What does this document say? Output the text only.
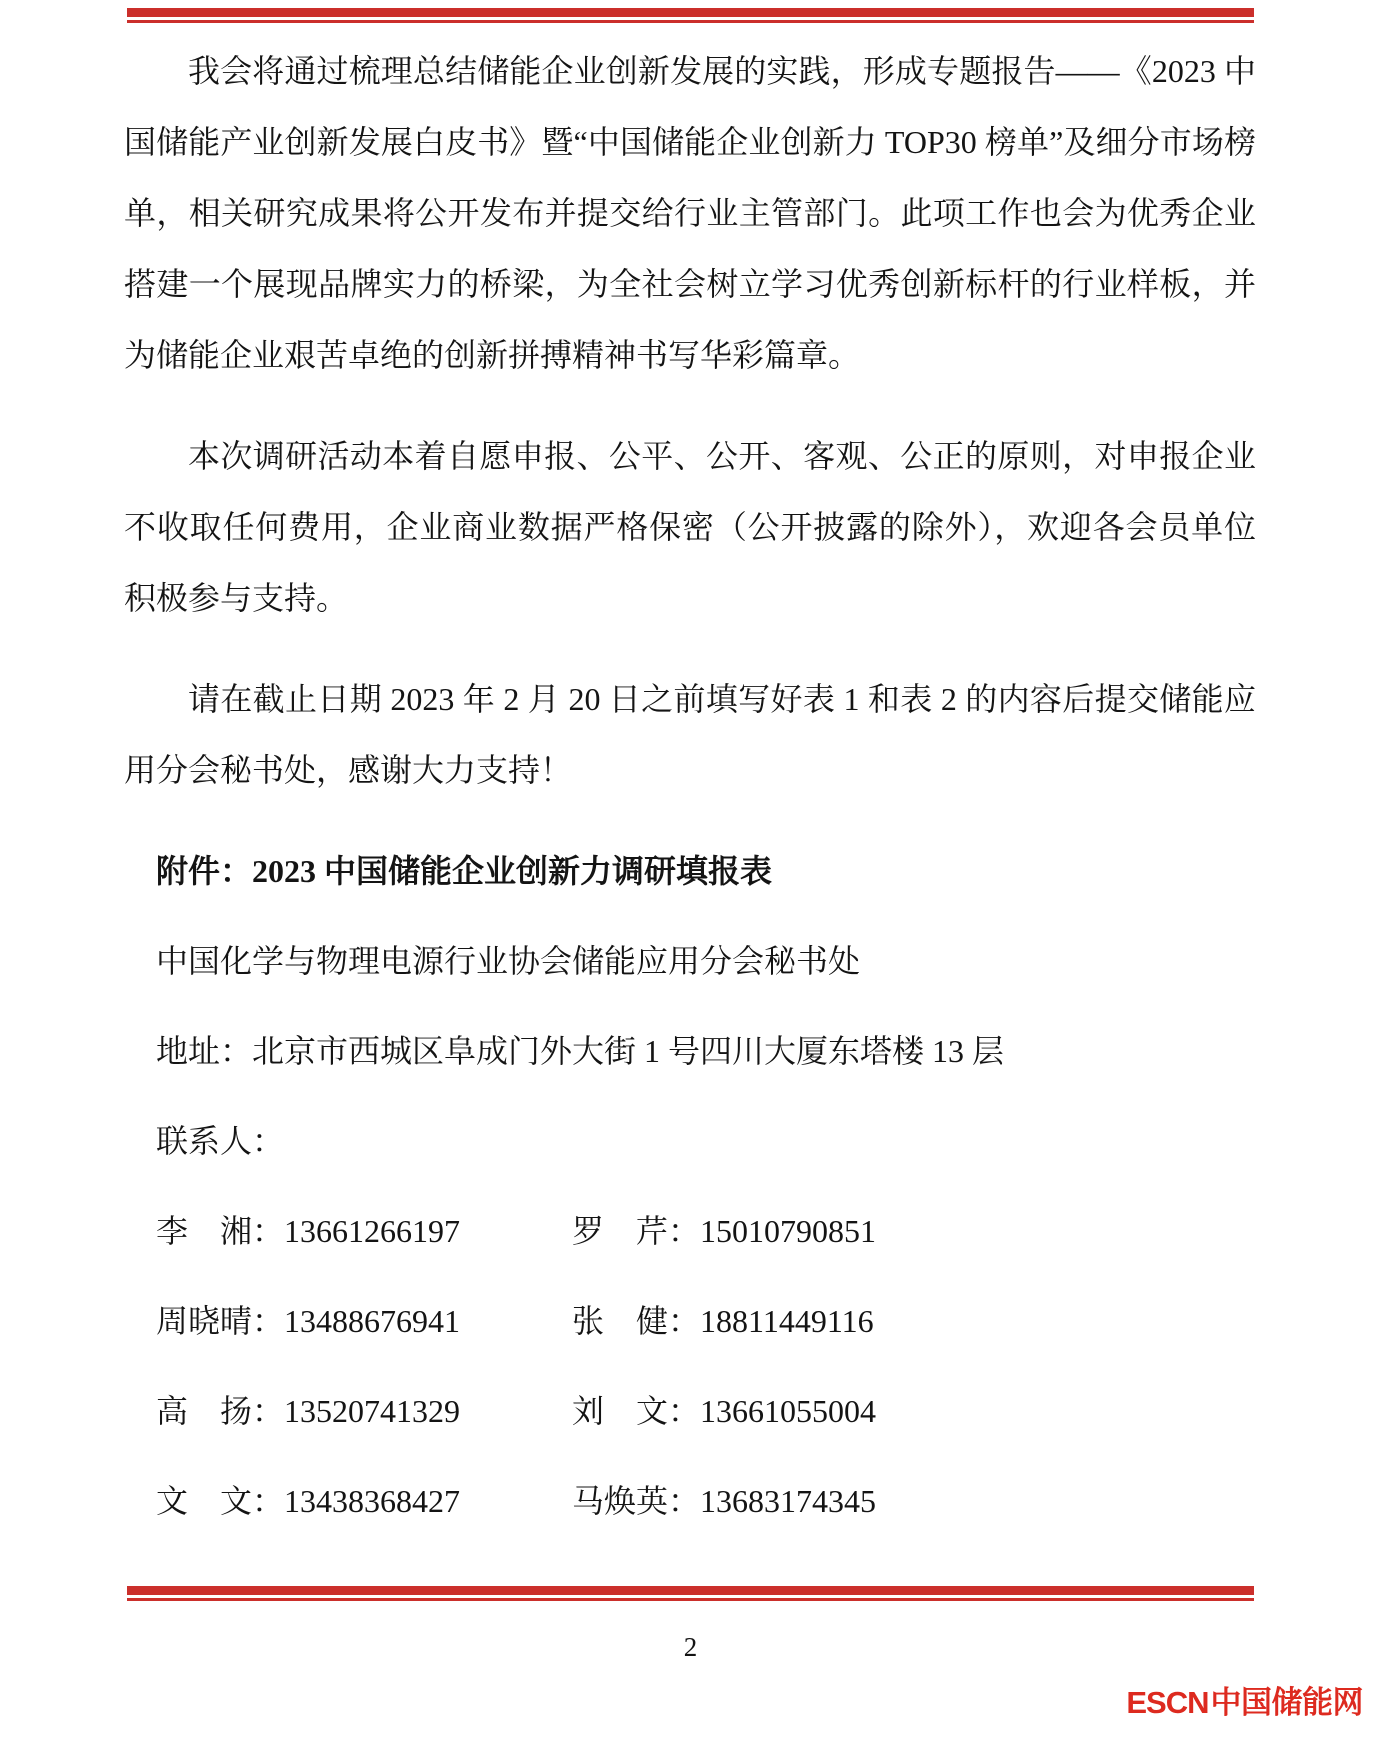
我会将通过梳理总结储能企业创新发展的实践，形成专题报告——《2023 中国储能产业创新发展白皮书》暨“中国储能企业创新力 TOP30 榜单”及细分市场榜单，相关研究成果将公开发布并提交给行业主管部门。此项工作也会为优秀企业搭建一个展现品牌实力的桥梁，为全社会树立学习优秀创新标杆的行业样板，并为储能企业艰苦卓绝的创新拼搏精神书写华彩篇章。

本次调研活动本着自愿申报、公平、公开、客观、公正的原则，对申报企业不收取任何费用，企业商业数据严格保密（公开披露的除外），欢迎各会员单位积极参与支持。

请在截止日期 2023 年 2 月 20 日之前填写好表 1 和表 2 的内容后提交储能应用分会秘书处，感谢大力支持！

附件：2023 中国储能企业创新力调研填报表

中国化学与物理电源行业协会储能应用分会秘书处

地址：北京市西城区阜成门外大街 1 号四川大厦东塔楼 13 层

联系人：

李　湘：13661266197	罗　芹：15010790851
周晓晴：13488676941	张　健：18811449116
高　扬：13520741329	刘　文：13661055004
文　文：13438368427	马焕英：13683174345
2
ESCN中国储能网
